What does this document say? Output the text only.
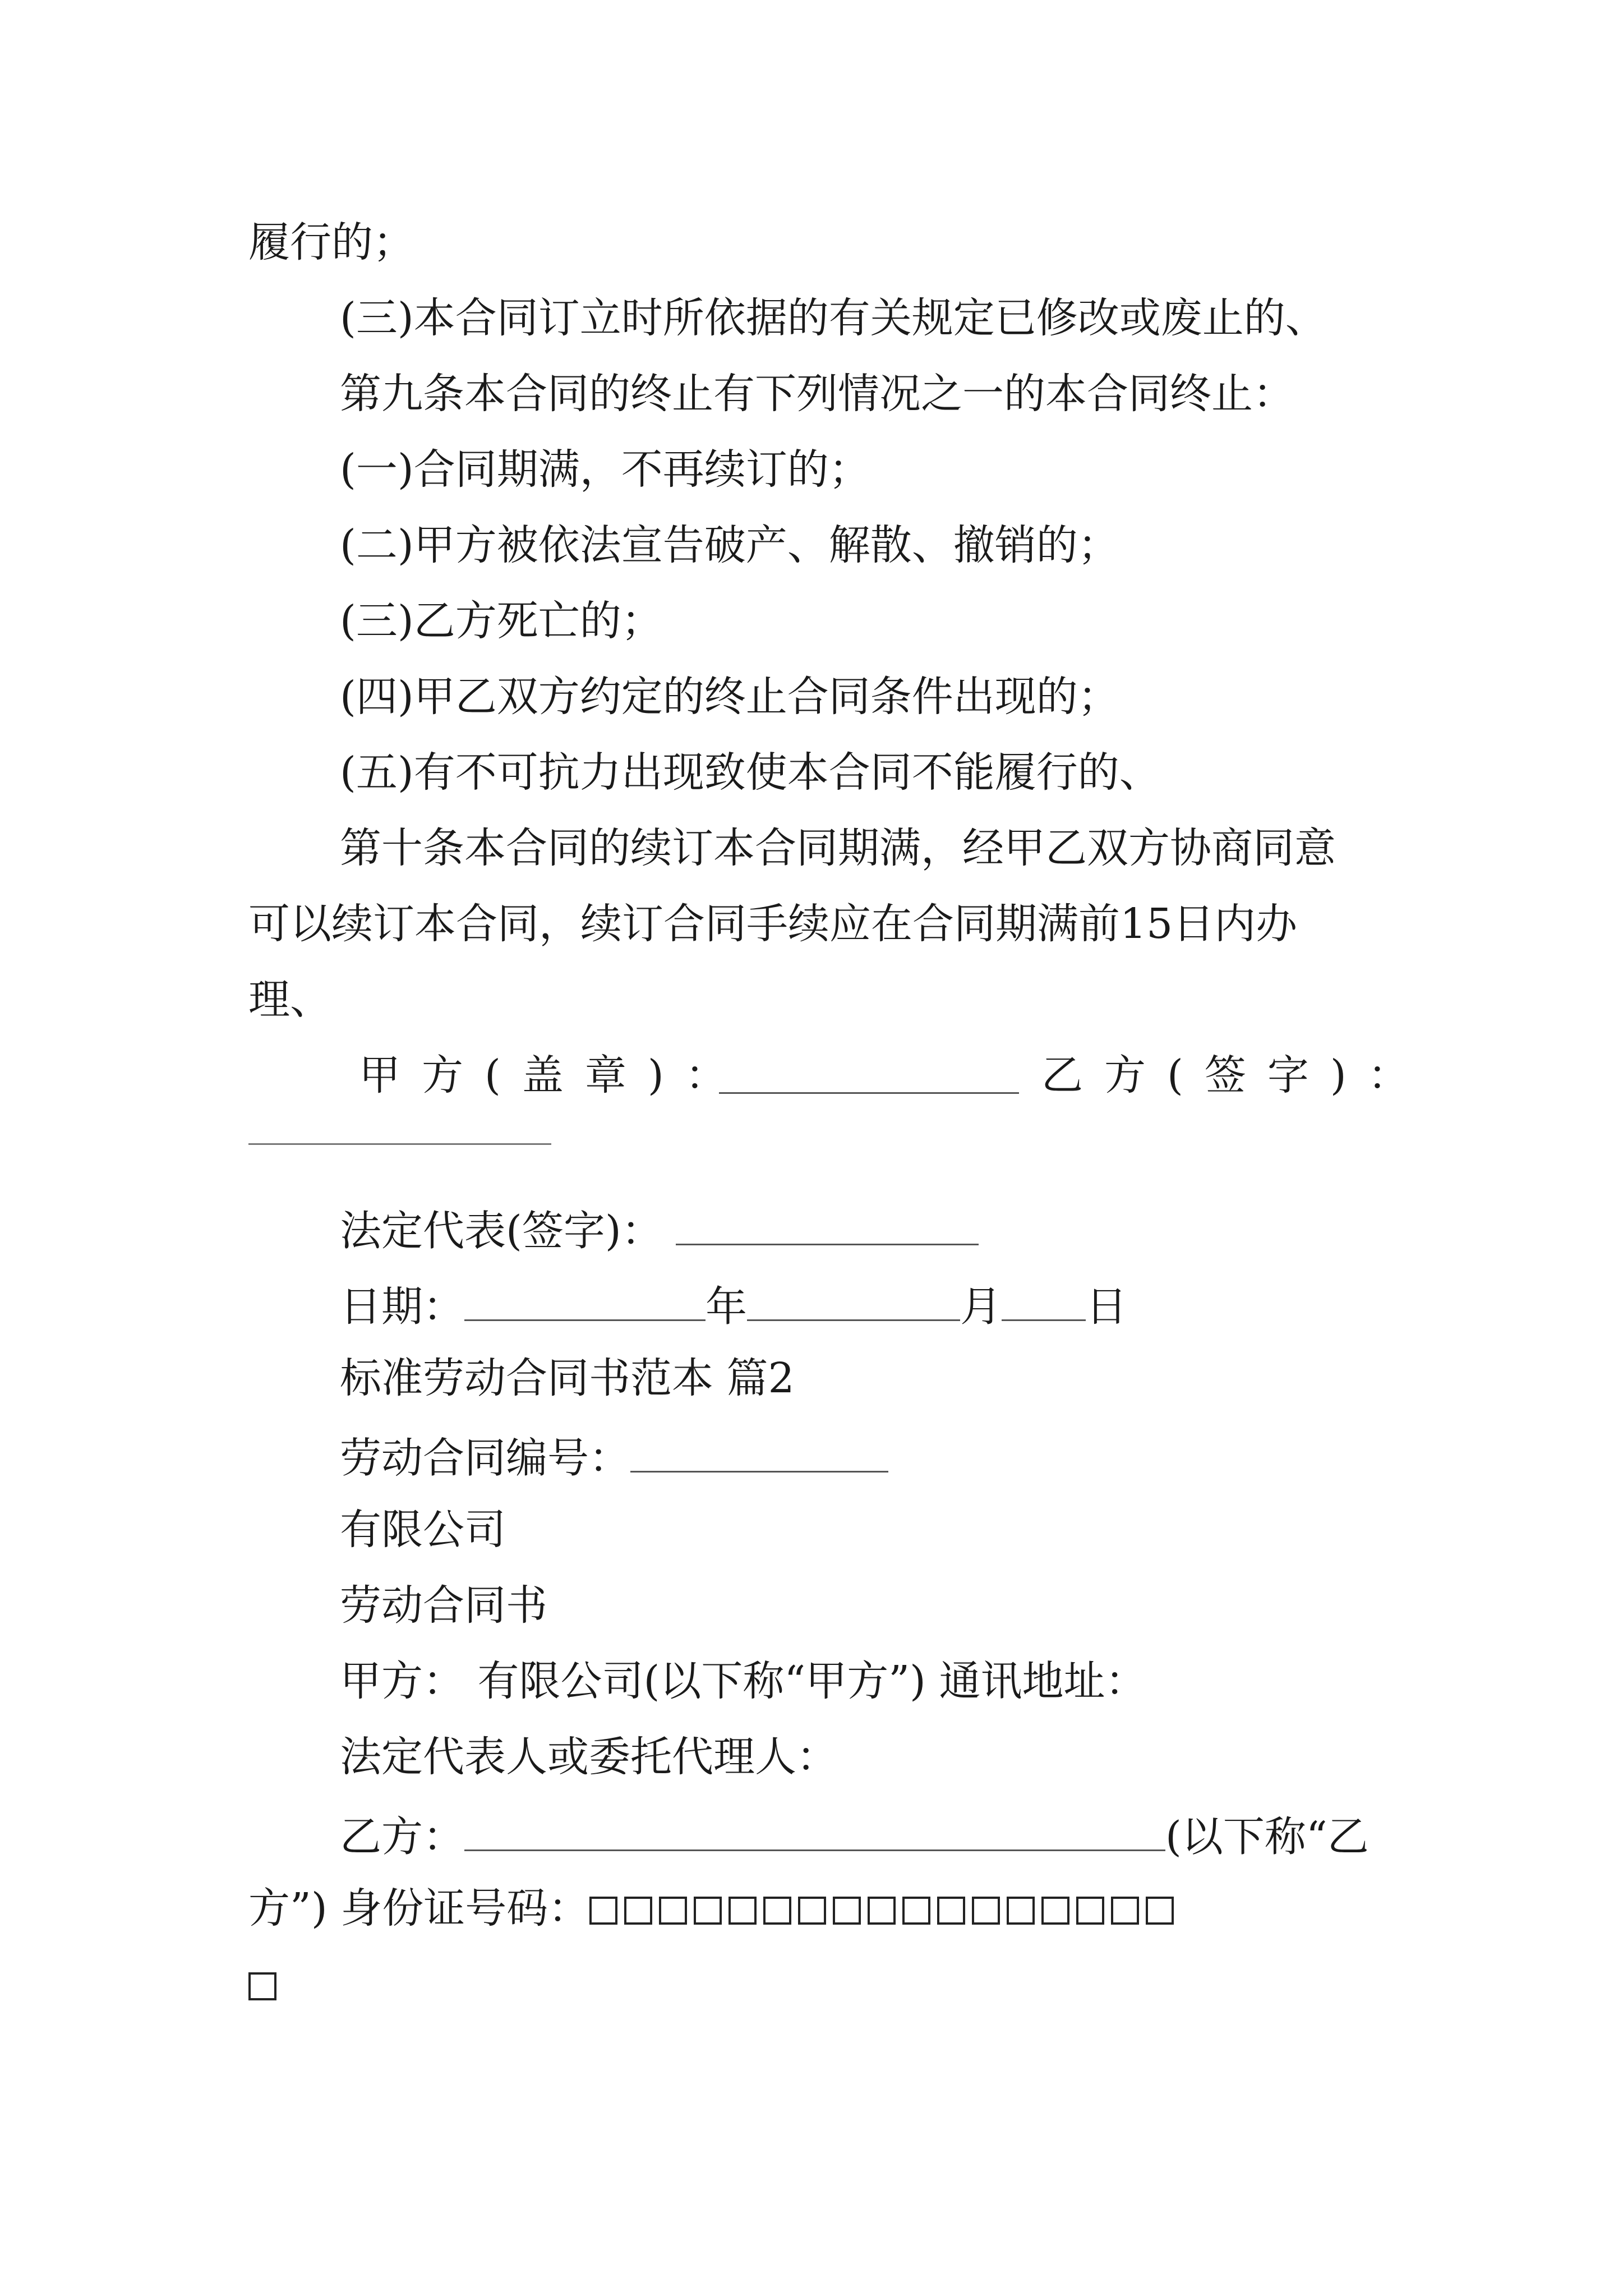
履行的；
(三)本合同订立时所依据的有关规定已修改或废止的、
第九条本合同的终止有下列情况之一的本合同终止：
(一)合同期满，不再续订的；
(二)甲方被依法宣告破产、解散、撤销的；
(三)乙方死亡的；
(四)甲乙双方约定的终止合同条件出现的；
(五)有不可抗力出现致使本合同不能履行的、
第十条本合同的续订本合同期满，经甲乙双方协商同意
可以续订本合同，续订合同手续应在合同期满前15日内办
理、
甲方(盖章)：	乙方(签字)：
法定代表(签字)：
日期：	年	月 日
标准劳动合同书范本 篇2
劳动合同编号：
有限公司
劳动合同书
甲方： 有限公司(以下称“甲方”) 通讯地址：
法定代表人或委托代理人：
乙方：	(以下称“乙
方”) 身份证号码：
